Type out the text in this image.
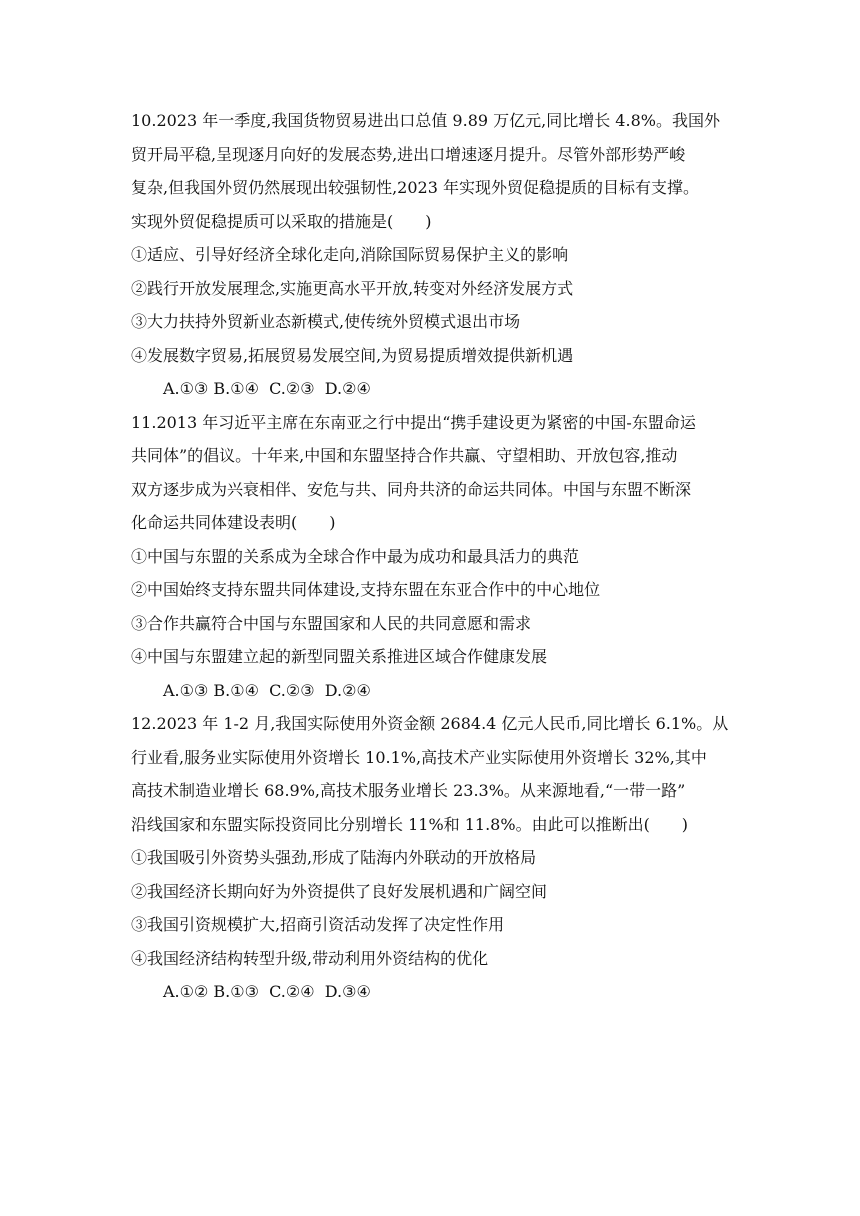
10.2023 年一季度,我国货物贸易进出口总值 9.89 万亿元,同比增长 4.8%。我国外
贸开局平稳,呈现逐月向好的发展态势,进出口增速逐月提升。尽管外部形势严峻
复杂,但我国外贸仍然展现出较强韧性,2023 年实现外贸促稳提质的目标有支撑。
实现外贸促稳提质可以采取的措施是(　　)
①适应、引导好经济全球化走向,消除国际贸易保护主义的影响
②践行开放发展理念,实施更高水平开放,转变对外经济发展方式
③大力扶持外贸新业态新模式,使传统外贸模式退出市场
④发展数字贸易,拓展贸易发展空间,为贸易提质增效提供新机遇
A.①③ B.①④ C.②③ D.②④
11.2013 年习近平主席在东南亚之行中提出“携手建设更为紧密的中国-东盟命运
共同体”的倡议。十年来,中国和东盟坚持合作共赢、守望相助、开放包容,推动
双方逐步成为兴衰相伴、安危与共、同舟共济的命运共同体。中国与东盟不断深
化命运共同体建设表明(　　)
①中国与东盟的关系成为全球合作中最为成功和最具活力的典范
②中国始终支持东盟共同体建设,支持东盟在东亚合作中的中心地位
③合作共赢符合中国与东盟国家和人民的共同意愿和需求
④中国与东盟建立起的新型同盟关系推进区域合作健康发展
A.①③ B.①④ C.②③ D.②④
12.2023 年 1-2 月,我国实际使用外资金额 2684.4 亿元人民币,同比增长 6.1%。从
行业看,服务业实际使用外资增长 10.1%,高技术产业实际使用外资增长 32%,其中
高技术制造业增长 68.9%,高技术服务业增长 23.3%。从来源地看,“一带一路”
沿线国家和东盟实际投资同比分别增长 11%和 11.8%。由此可以推断出(　　)
①我国吸引外资势头强劲,形成了陆海内外联动的开放格局
②我国经济长期向好为外资提供了良好发展机遇和广阔空间
③我国引资规模扩大,招商引资活动发挥了决定性作用
④我国经济结构转型升级,带动利用外资结构的优化
A.①② B.①③ C.②④ D.③④
